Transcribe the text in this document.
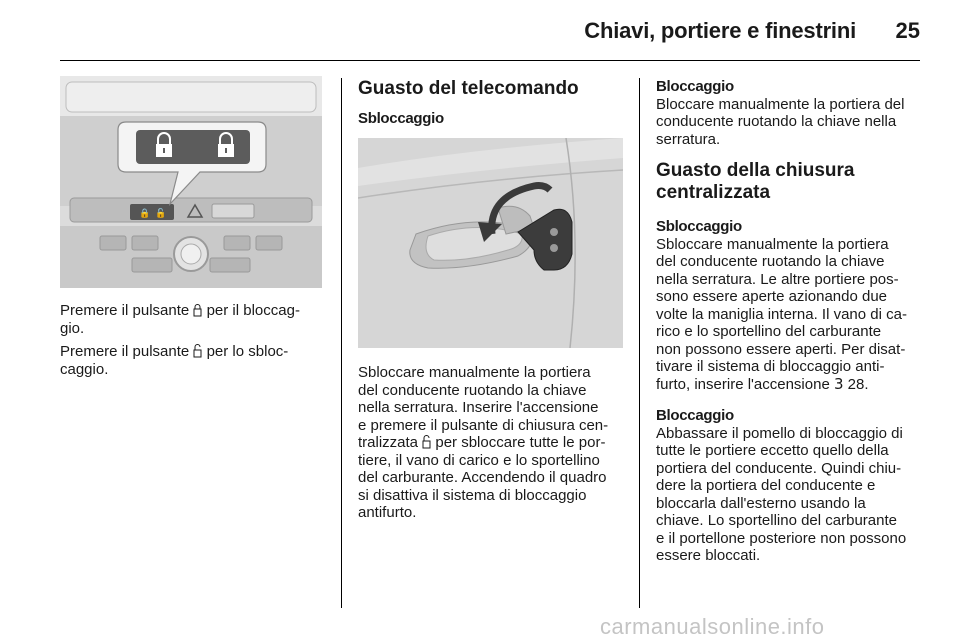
Chiavi, portiere e finestrini 25
🔒 🔓

Premere il pulsante  per il bloccag-
gio.

Premere il pulsante  per lo sbloc-
caggio.

Guasto del telecomando

Sbloccaggio

Sbloccare manualmente la portiera
del conducente ruotando la chiave
nella serratura. Inserire l'accensione
e premere il pulsante di chiusura cen-
tralizzata  per sbloccare tutte le por-
tiere, il vano di carico e lo sportellino
del carburante. Accendendo il quadro
si disattiva il sistema di bloccaggio
antifurto.

Bloccaggio

Bloccare manualmente la portiera del
conducente ruotando la chiave nella
serratura.

Guasto della chiusura
centralizzata

Sbloccaggio

Sbloccare manualmente la portiera
del conducente ruotando la chiave
nella serratura. Le altre portiere pos-
sono essere aperte azionando due
volte la maniglia interna. Il vano di ca-
rico e lo sportellino del carburante
non possono essere aperti. Per disat-
tivare il sistema di bloccaggio anti-
furto, inserire l'accensione 3 28.

Bloccaggio

Abbassare il pomello di bloccaggio di
tutte le portiere eccetto quello della
portiera del conducente. Quindi chiu-
dere la portiera del conducente e
bloccarla dall'esterno usando la
chiave. Lo sportellino del carburante
e il portellone posteriore non possono
essere bloccati.

carmanualsonline.info
